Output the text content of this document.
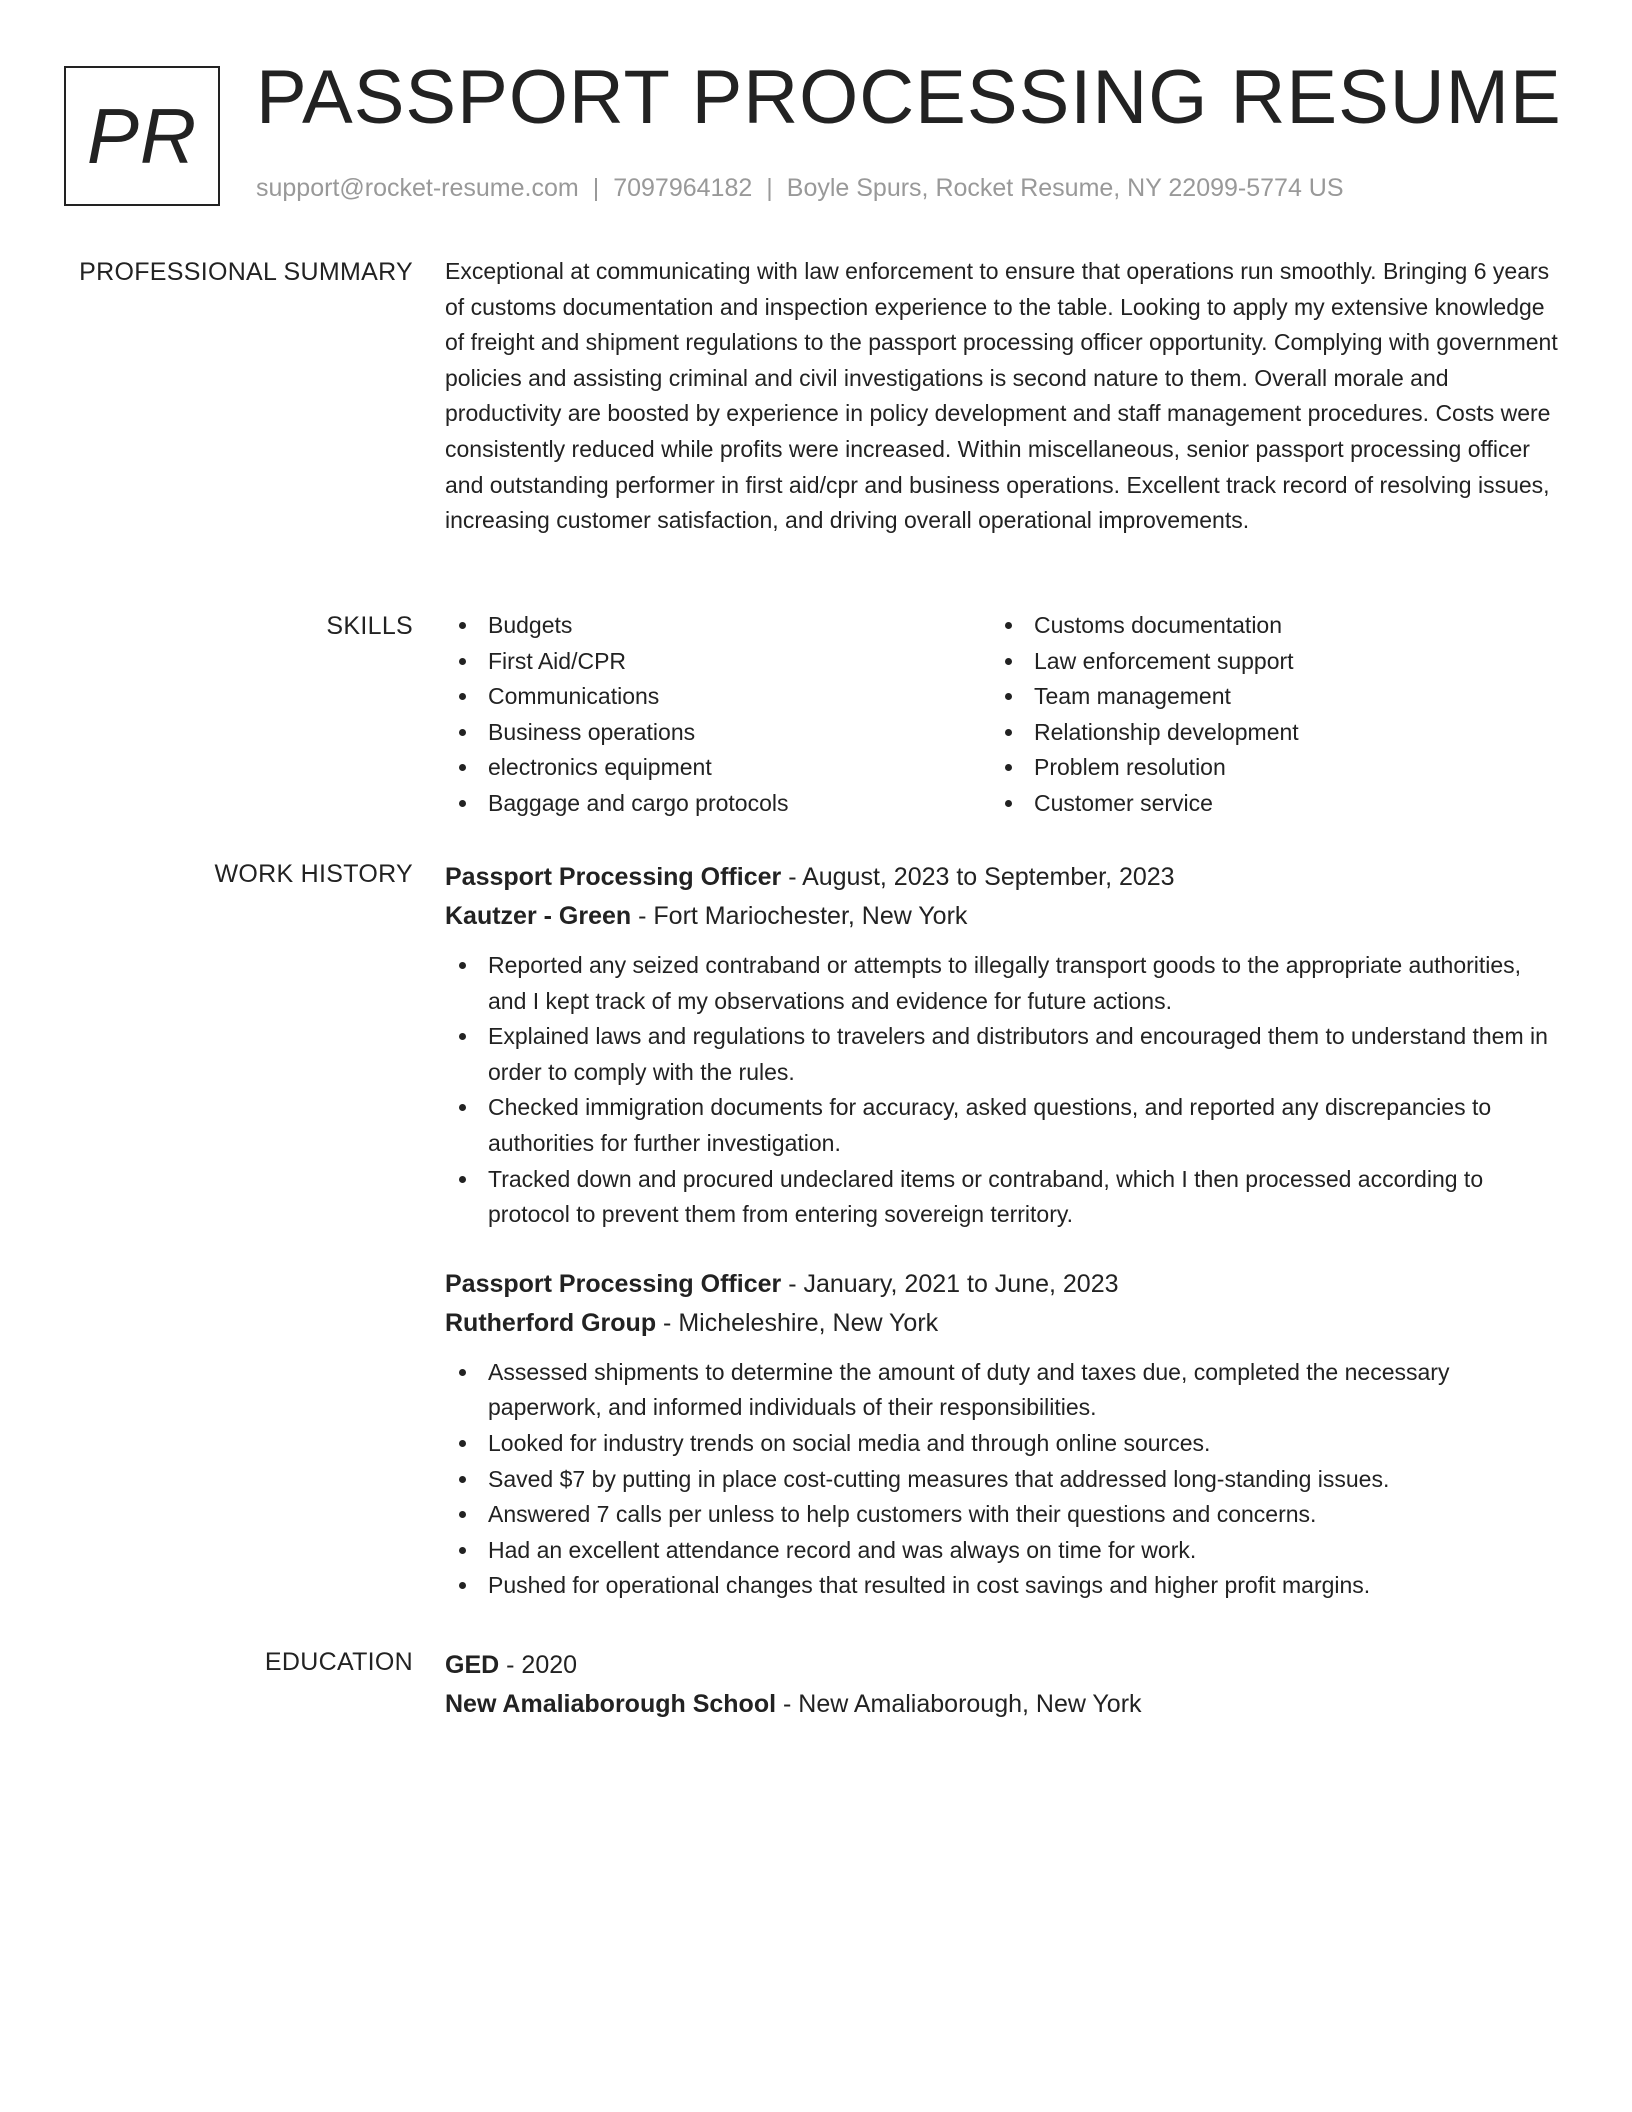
PR PASSPORT PROCESSING RESUME
support@rocket-resume.com | 7097964182 | Boyle Spurs, Rocket Resume, NY 22099-5774 US
PROFESSIONAL SUMMARY Exceptional at communicating with law enforcement to ensure that operations run smoothly. Bringing 6 years of customs documentation and inspection experience to the table. Looking to apply my extensive knowledge of freight and shipment regulations to the passport processing officer opportunity. Complying with government policies and assisting criminal and civil investigations is second nature to them. Overall morale and productivity are boosted by experience in policy development and staff management procedures. Costs were consistently reduced while profits were increased. Within miscellaneous, senior passport processing officer and outstanding performer in first aid/cpr and business operations. Excellent track record of resolving issues, increasing customer satisfaction, and driving overall operational improvements.

SKILLS	Budgets
First Aid/CPR
Communications
Business operations
electronics equipment
Baggage and cargo protocols
Customs documentation
Law enforcement support
Team management
Relationship development
Problem resolution
Customer service
WORK HISTORY Passport Processing Officer - August, 2023 to September, 2023
Kautzer - Green - Fort Mariochester, New York
Reported any seized contraband or attempts to illegally transport goods to the appropriate authorities, and I kept track of my observations and evidence for future actions.
Explained laws and regulations to travelers and distributors and encouraged them to understand them in order to comply with the rules.
Checked immigration documents for accuracy, asked questions, and reported any discrepancies to authorities for further investigation.
Tracked down and procured undeclared items or contraband, which I then processed according to protocol to prevent them from entering sovereign territory.
Passport Processing Officer - January, 2021 to June, 2023
Rutherford Group - Micheleshire, New York
Assessed shipments to determine the amount of duty and taxes due, completed the necessary paperwork, and informed individuals of their responsibilities.
Looked for industry trends on social media and through online sources.
Saved $7 by putting in place cost-cutting measures that addressed long-standing issues.
Answered 7 calls per unless to help customers with their questions and concerns.
Had an excellent attendance record and was always on time for work.
Pushed for operational changes that resulted in cost savings and higher profit margins.
EDUCATION GED - 2020
New Amaliaborough School - New Amaliaborough, New York
